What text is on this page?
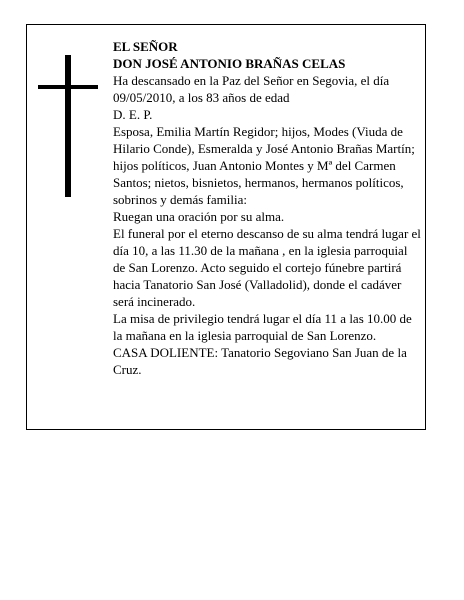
EL SEÑOR

DON JOSÉ ANTONIO BRAÑAS CELAS

Ha descansado en la Paz del Señor en Segovia, el día 09/05/2010, a los 83 años de edad

D. E. P.

Esposa, Emilia Martín Regidor; hijos, Modes (Viuda de Hilario Conde), Esmeralda y José Antonio Brañas Martín; hijos políticos, Juan Antonio Montes y Mª del Carmen Santos; nietos, bisnietos, hermanos, hermanos políticos, sobrinos y demás familia:

Ruegan una oración por su alma.

El funeral por el eterno descanso de su alma tendrá lugar el día 10, a las 11.30 de la mañana , en la iglesia parroquial de San Lorenzo. Acto seguido el cortejo fúnebre partirá hacia Tanatorio San José (Valladolid), donde el cadáver será incinerado.

La misa de privilegio tendrá lugar el día 11 a las 10.00 de la mañana en la iglesia parroquial de San Lorenzo.

CASA DOLIENTE: Tanatorio Segoviano San Juan de la Cruz.
